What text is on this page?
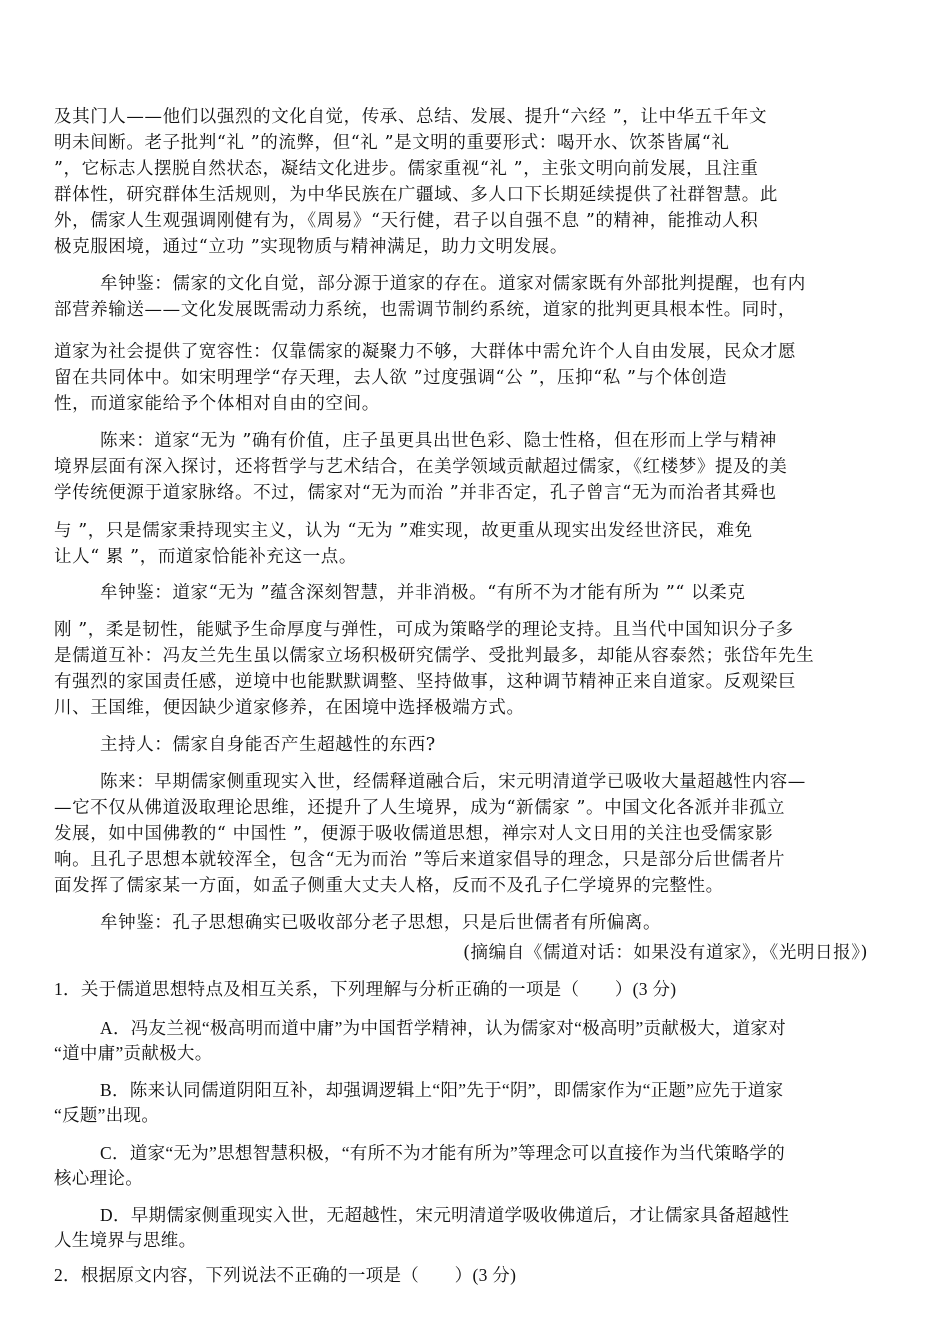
及其门人——他们以强烈的文化自觉，传承、总结、发展、提升“六经 ”，让中华五千年文
明未间断。老子批判“礼 ”的流弊，但“礼 ”是文明的重要形式：喝开水、饮茶皆属“礼
”，它标志人摆脱自然状态，凝结文化进步。儒家重视“礼 ”，主张文明向前发展，且注重
群体性，研究群体生活规则，为中华民族在广疆域、多人口下长期延续提供了社群智慧。此
外，儒家人生观强调刚健有为，《周易》“天行健，君子以自强不息 ”的精神，能推动人积
极克服困境，通过“立功 ”实现物质与精神满足，助力文明发展。
牟钟鉴：儒家的文化自觉，部分源于道家的存在。道家对儒家既有外部批判提醒，也有内
部营养输送——文化发展既需动力系统，也需调节制约系统，道家的批判更具根本性。同时，
道家为社会提供了宽容性：仅靠儒家的凝聚力不够，大群体中需允许个人自由发展，民众才愿
留在共同体中。如宋明理学“存天理，去人欲 ”过度强调“公 ”，压抑“私 ”与个体创造
性，而道家能给予个体相对自由的空间。
陈来：道家“无为 ”确有价值，庄子虽更具出世色彩、隐士性格，但在形而上学与精神
境界层面有深入探讨，还将哲学与艺术结合，在美学领域贡献超过儒家，《红楼梦》提及的美
学传统便源于道家脉络。不过，儒家对“无为而治 ”并非否定，孔子曾言“无为而治者其舜也
与 ”，只是儒家秉持现实主义，认为 “无为 ”难实现，故更重从现实出发经世济民，难免
让人“ 累 ”，而道家恰能补充这一点。
牟钟鉴：道家“无为 ”蕴含深刻智慧，并非消极。“有所不为才能有所为 ”“ 以柔克
刚 ”，柔是韧性，能赋予生命厚度与弹性，可成为策略学的理论支持。且当代中国知识分子多
是儒道互补：冯友兰先生虽以儒家立场积极研究儒学、受批判最多，却能从容泰然；张岱年先生
有强烈的家国责任感，逆境中也能默默调整、坚持做事，这种调节精神正来自道家。反观梁巨
川、王国维，便因缺少道家修养，在困境中选择极端方式。
主持人：儒家自身能否产生超越性的东西?
陈来：早期儒家侧重现实入世，经儒释道融合后，宋元明清道学已吸收大量超越性内容—
—它不仅从佛道汲取理论思维，还提升了人生境界，成为“新儒家 ”。中国文化各派并非孤立
发展，如中国佛教的“ 中国性 ”，便源于吸收儒道思想，禅宗对人文日用的关注也受儒家影
响。且孔子思想本就较浑全，包含“无为而治 ”等后来道家倡导的理念，只是部分后世儒者片
面发挥了儒家某一方面，如孟子侧重大丈夫人格，反而不及孔子仁学境界的完整性。
牟钟鉴：孔子思想确实已吸收部分老子思想，只是后世儒者有所偏离。
(摘编自《儒道对话：如果没有道家》，《光明日报》)
1．关于儒道思想特点及相互关系，下列理解与分析正确的一项是（　　）(3 分)
A．冯友兰视“极高明而道中庸”为中国哲学精神，认为儒家对“极高明”贡献极大，道家对
“道中庸”贡献极大。
B．陈来认同儒道阴阳互补，却强调逻辑上“阳”先于“阴”，即儒家作为“正题”应先于道家
“反题”出现。
C．道家“无为”思想智慧积极，“有所不为才能有所为”等理念可以直接作为当代策略学的
核心理论。
D．早期儒家侧重现实入世，无超越性，宋元明清道学吸收佛道后，才让儒家具备超越性
人生境界与思维。
2．根据原文内容，下列说法不正确的一项是（　　）(3 分)
